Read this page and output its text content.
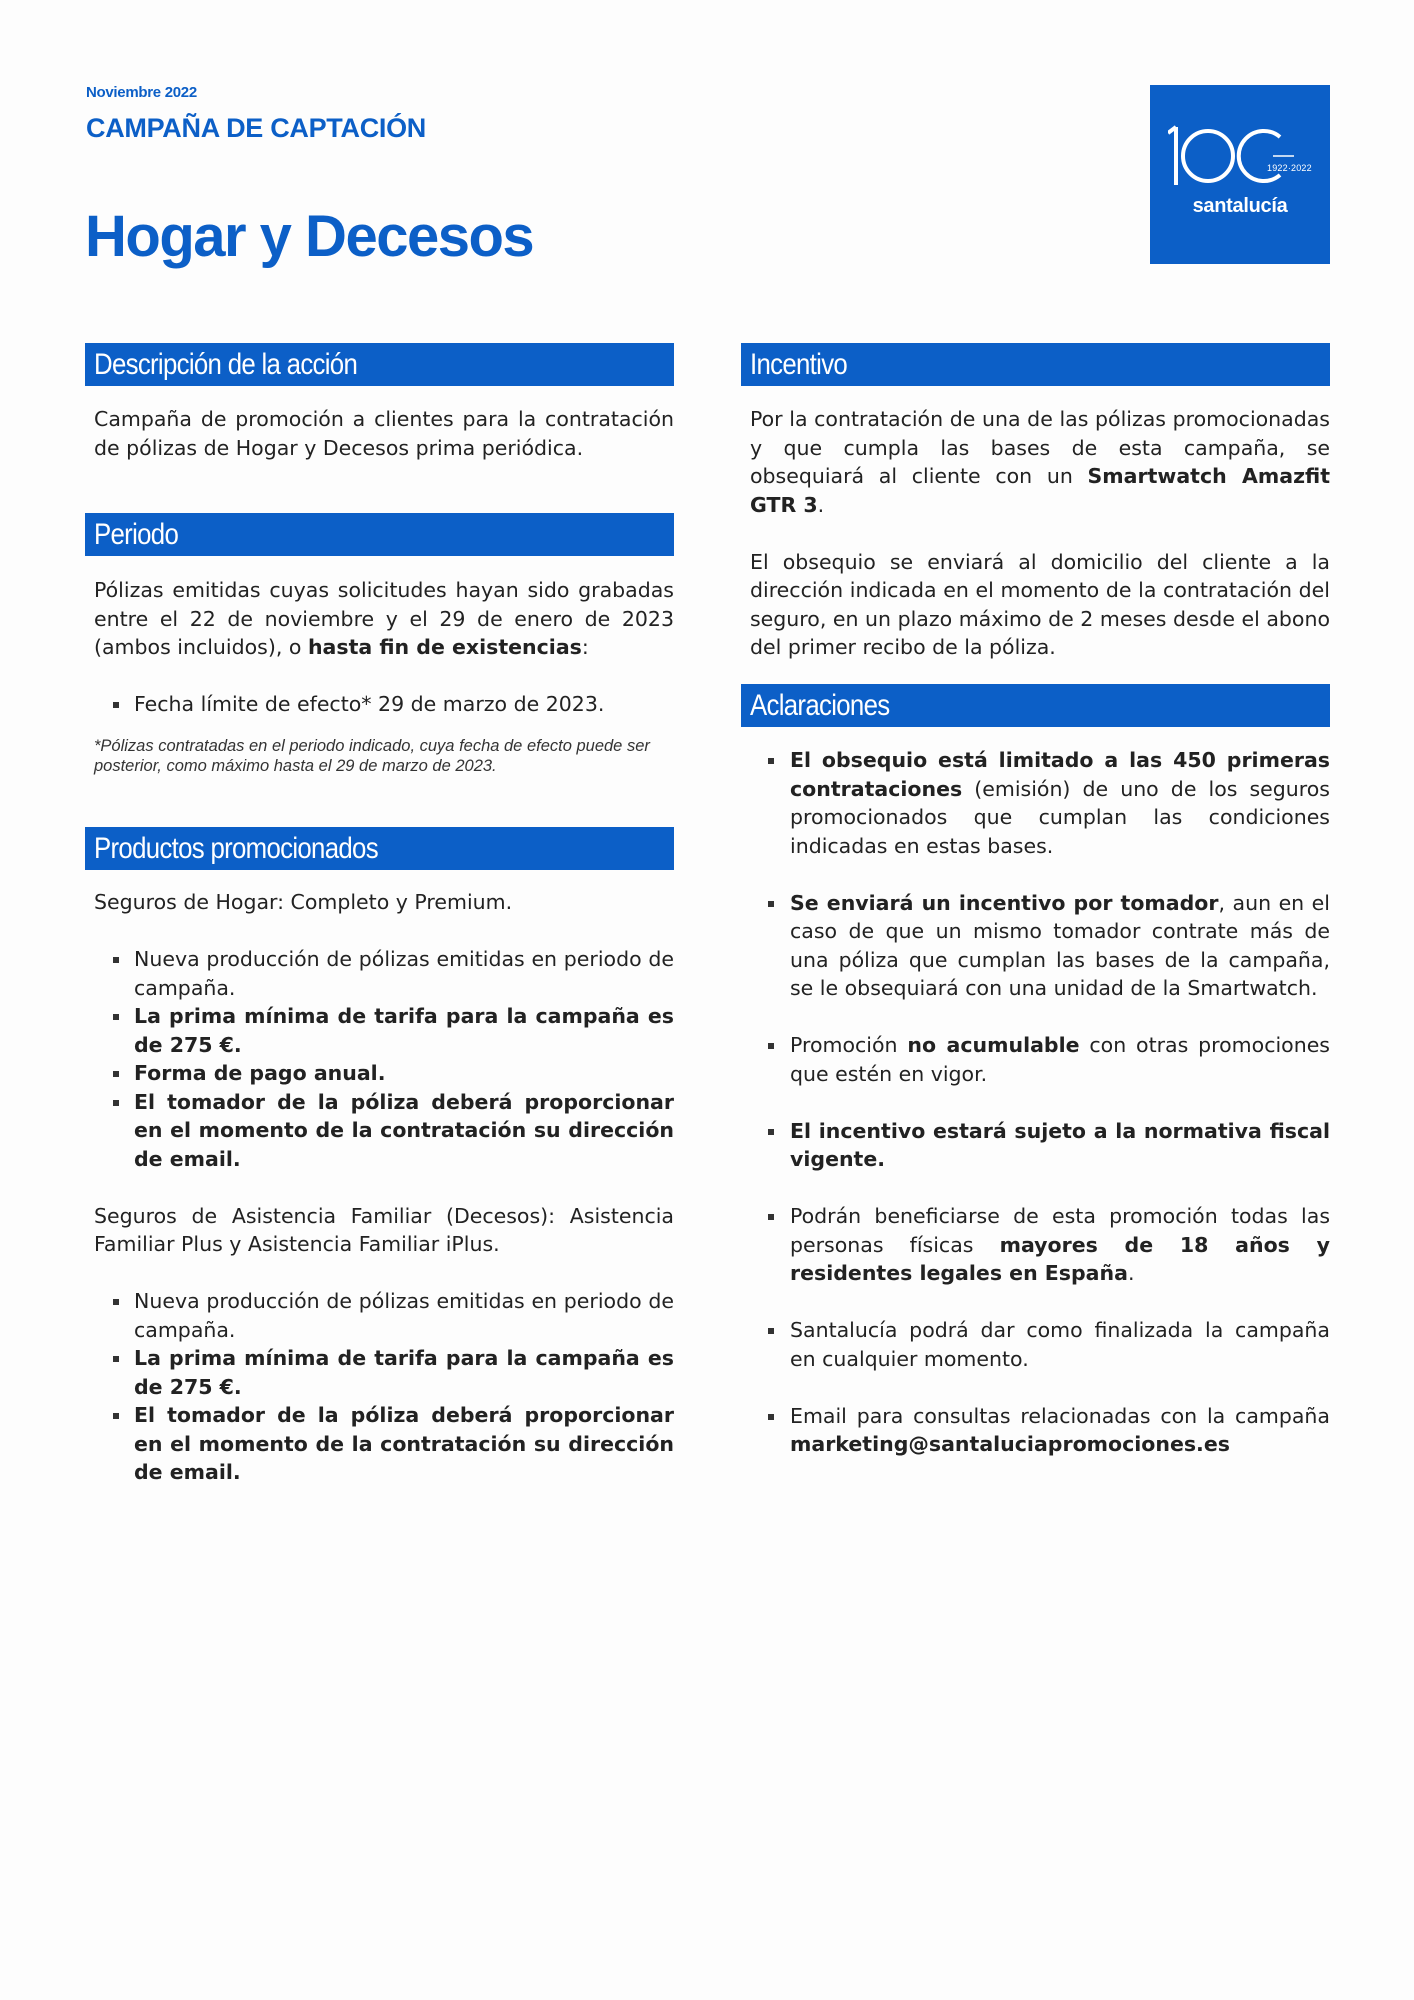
Noviembre 2022
CAMPAÑA DE CAPTACIÓN
Hogar y Decesos
1922·2022
santalucía
Descripción de la acción

Campaña de promoción a clientes para la contratación de pólizas de Hogar y Decesos prima periódica.

Periodo

Pólizas emitidas cuyas solicitudes hayan sido grabadas entre el 22 de noviembre y el 29 de enero de 2023 (ambos incluidos), o hasta fin de existencias:

Fecha límite de efecto* 29 de marzo de 2023.
*Pólizas contratadas en el periodo indicado, cuya fecha de efecto puede ser posterior, como máximo hasta el 29 de marzo de 2023.
Productos promocionados

Seguros de Hogar: Completo y Premium.

Nueva producción de pólizas emitidas en periodo de campaña.
La prima mínima de tarifa para la campaña es de 275 €.
Forma de pago anual.
El tomador de la póliza deberá proporcionar en el momento de la contratación su dirección de email.

Seguros de Asistencia Familiar (Decesos): Asistencia Familiar Plus y Asistencia Familiar iPlus.

Nueva producción de pólizas emitidas en periodo de campaña.
La prima mínima de tarifa para la campaña es de 275 €.
El tomador de la póliza deberá proporcionar en el momento de la contratación su dirección de email.
Incentivo

Por la contratación de una de las pólizas promocionadas y que cumpla las bases de esta campaña, se obsequiará al cliente con un Smartwatch Amazfit GTR 3.

El obsequio se enviará al domicilio del cliente a la dirección indicada en el momento de la contratación del seguro, en un plazo máximo de 2 meses desde el abono del primer recibo de la póliza.

Aclaraciones
El obsequio está limitado a las 450 primeras contrataciones (emisión) de uno de los seguros promocionados que cumplan las condiciones indicadas en estas bases.
Se enviará un incentivo por tomador, aun en el caso de que un mismo tomador contrate más de una póliza que cumplan las bases de la campaña, se le obsequiará con una unidad de la Smartwatch.
Promoción no acumulable con otras promociones que estén en vigor.
El incentivo estará sujeto a la normativa fiscal vigente.
Podrán beneficiarse de esta promoción todas las personas físicas mayores de 18 años y residentes legales en España.
Santalucía podrá dar como finalizada la campaña en cualquier momento.
Email para consultas relacionadas con la campaña marketing@santaluciapromociones.es
